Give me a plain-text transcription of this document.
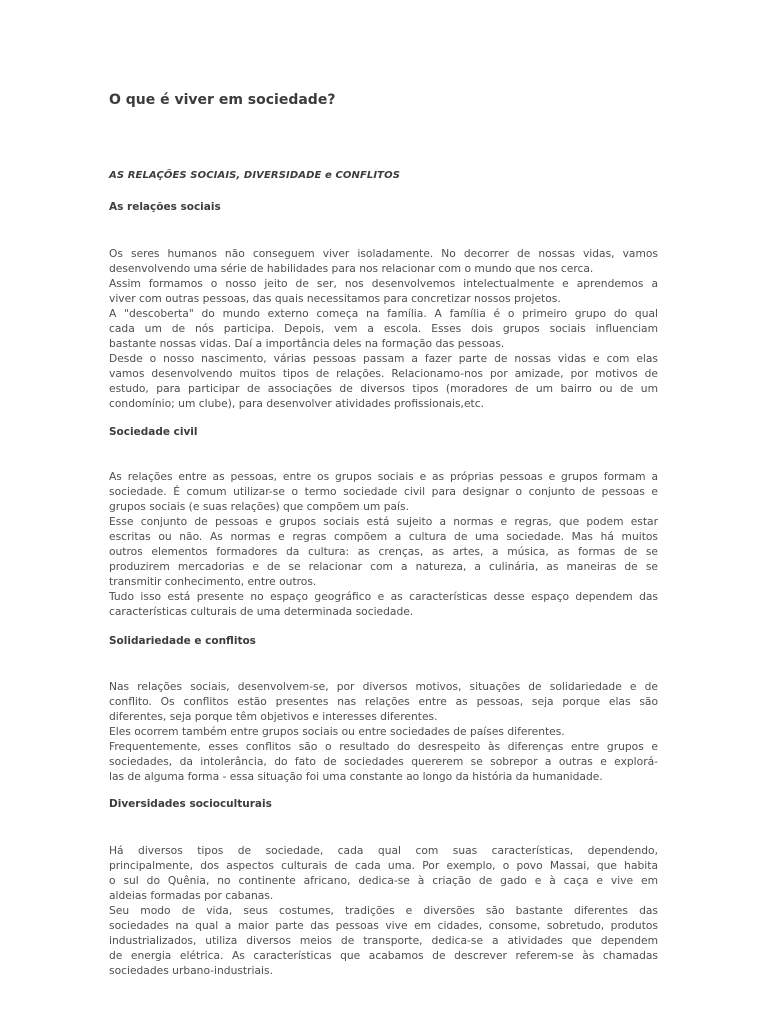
O que é viver em sociedade?
AS RELAÇÕES SOCIAIS, DIVERSIDADE e CONFLITOS
As relações sociais
Os seres humanos não conseguem viver isoladamente. No decorrer de nossas vidas, vamos
desenvolvendo uma série de habilidades para nos relacionar com o mundo que nos cerca.
Assim formamos o nosso jeito de ser, nos desenvolvemos intelectualmente e aprendemos a
viver com outras pessoas, das quais necessitamos para concretizar nossos projetos.
A "descoberta" do mundo externo começa na família. A família é o primeiro grupo do qual
cada um de nós participa. Depois, vem a escola. Esses dois grupos sociais influenciam
bastante nossas vidas. Daí a importância deles na formação das pessoas.
Desde o nosso nascimento, várias pessoas passam a fazer parte de nossas vidas e com elas
vamos desenvolvendo muitos tipos de relações. Relacionamo-nos por amizade, por motivos de
estudo, para participar de associações de diversos tipos (moradores de um bairro ou de um
condomínio; um clube), para desenvolver atividades profissionais,etc.
Sociedade civil
As relações entre as pessoas, entre os grupos sociais e as próprias pessoas e grupos formam a
sociedade. É comum utilizar-se o termo sociedade civil para designar o conjunto de pessoas e
grupos sociais (e suas relações) que compõem um país.
Esse conjunto de pessoas e grupos sociais está sujeito a normas e regras, que podem estar
escritas ou não. As normas e regras compõem a cultura de uma sociedade. Mas há muitos
outros elementos formadores da cultura: as crenças, as artes, a música, as formas de se
produzirem mercadorias e de se relacionar com a natureza, a culinária, as maneiras de se
transmitir conhecimento, entre outros.
Tudo isso está presente no espaço geográfico e as características desse espaço dependem das
características culturais de uma determinada sociedade.
Solidariedade e conflitos
Nas relações sociais, desenvolvem-se, por diversos motivos, situações de solidariedade e de
conflito. Os conflitos estão presentes nas relações entre as pessoas, seja porque elas são
diferentes, seja porque têm objetivos e interesses diferentes.
Eles ocorrem também entre grupos sociais ou entre sociedades de países diferentes.
Frequentemente, esses conflitos são o resultado do desrespeito às diferenças entre grupos e
sociedades, da intolerância, do fato de sociedades quererem se sobrepor a outras e explorá-
las de alguma forma - essa situação foi uma constante ao longo da história da humanidade.
Diversidades socioculturais
Há diversos tipos de sociedade, cada qual com suas características, dependendo,
principalmente, dos aspectos culturais de cada uma. Por exemplo, o povo Massai, que habita
o sul do Quênia, no continente africano, dedica-se à criação de gado e à caça e vive em
aldeias formadas por cabanas.
Seu modo de vida, seus costumes, tradições e diversões são bastante diferentes das
sociedades na qual a maior parte das pessoas vive em cidades, consome, sobretudo, produtos
industrializados, utiliza diversos meios de transporte, dedica-se a atividades que dependem
de energia elétrica. As características que acabamos de descrever referem-se às chamadas
sociedades urbano-industriais.
